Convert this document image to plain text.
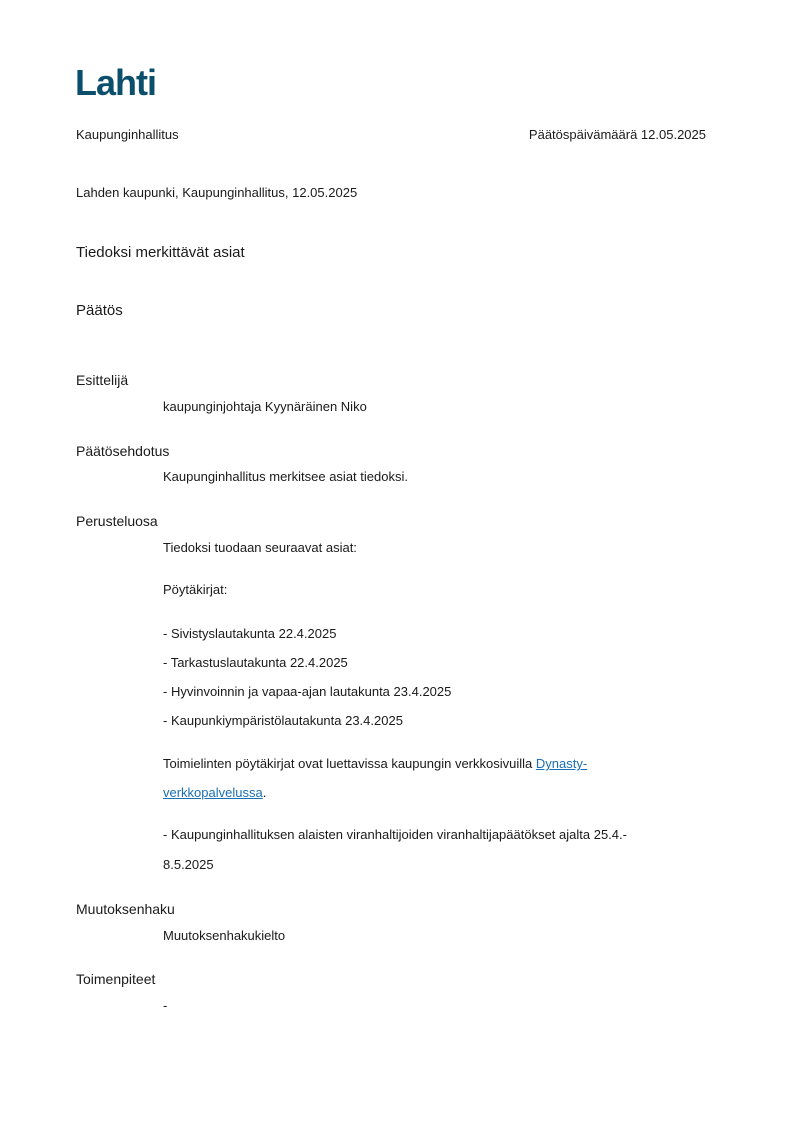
Lahti
Kaupunginhallitus	Päätöspäivämäärä 12.05.2025
Lahden kaupunki, Kaupunginhallitus, 12.05.2025
Tiedoksi merkittävät asiat
Päätös
Esittelijä
kaupunginjohtaja Kyynäräinen Niko
Päätösehdotus
Kaupunginhallitus merkitsee asiat tiedoksi.
Perusteluosa
Tiedoksi tuodaan seuraavat asiat:
Pöytäkirjat:
- Sivistyslautakunta 22.4.2025
- Tarkastuslautakunta 22.4.2025
- Hyvinvoinnin ja vapaa-ajan lautakunta 23.4.2025
- Kaupunkiympäristölautakunta 23.4.2025
Toimielinten pöytäkirjat ovat luettavissa kaupungin verkkosivuilla Dynasty-
verkkopalvelussa.
- Kaupunginhallituksen alaisten viranhaltijoiden viranhaltijapäätökset ajalta 25.4.-
8.5.2025
Muutoksenhaku
Muutoksenhakukielto
Toimenpiteet
-
